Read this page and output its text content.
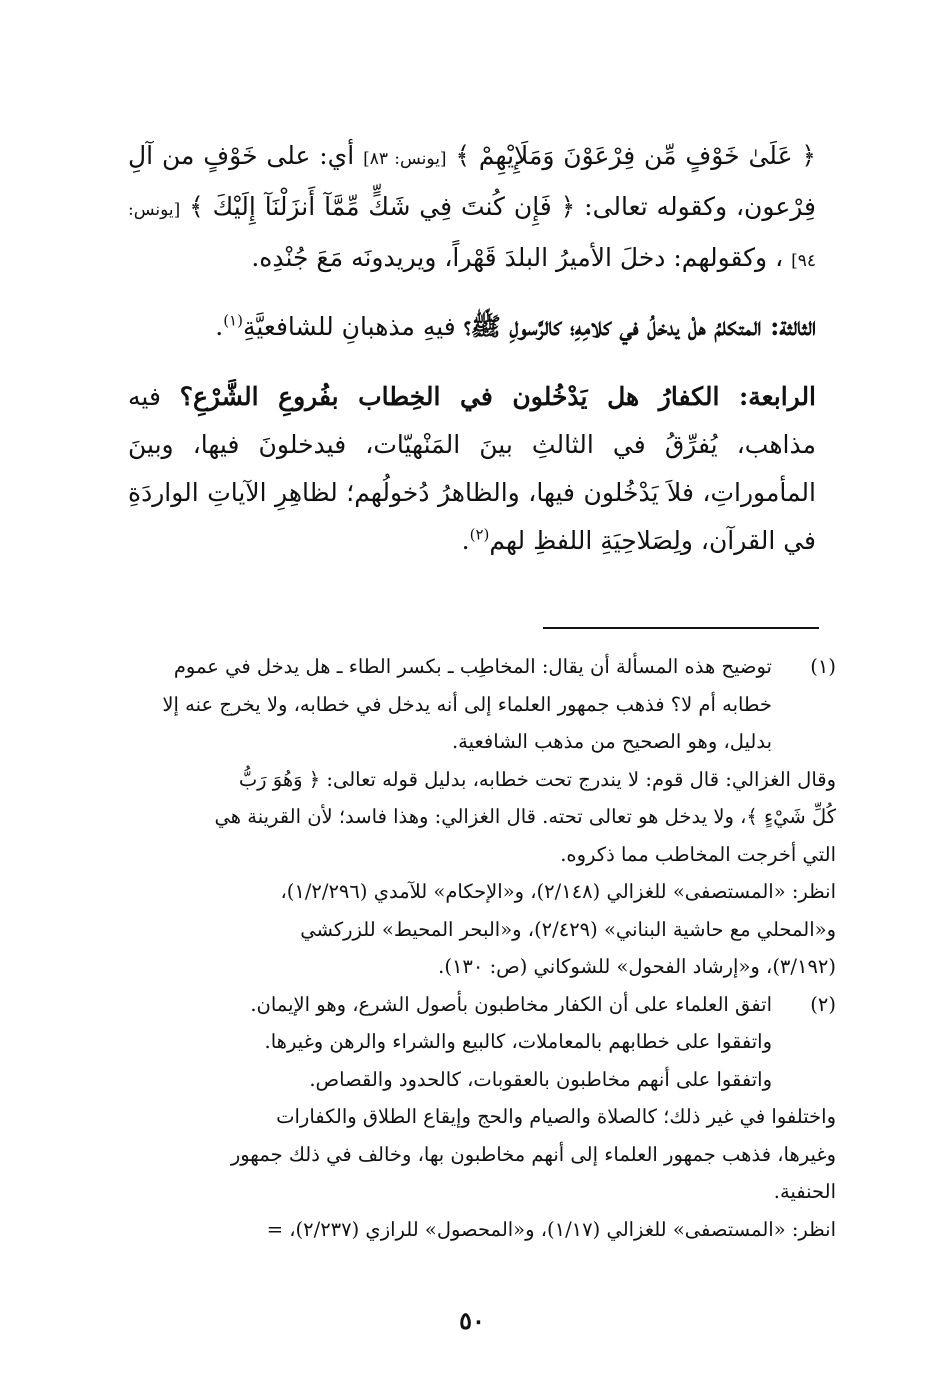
﴿ عَلَىٰ خَوْفٍ مِّن فِرْعَوْنَ وَمَلَإِيْهِمْ ﴾ [يونس: ٨٣] أي: على خَوْفٍ من آلِ فِرْعون، وكقوله تعالى: ﴿ فَإِن كُنتَ فِي شَكٍّ مِّمَّآ أَنزَلْنَآ إِلَيْكَ ﴾ [يونس: ٩٤] ، وكقولهم: دخلَ الأميرُ البلدَ قَهْراً، ويريدونَه مَعَ جُنْدِه.

الثالثة: المتكلمُ هلْ يدخلُ في كلامِهِ؛ كالرَّسولِ ﷺ؟ فيهِ مذهبانِ للشافعيَّةِ$^{(١)}$.

الرابعة: الكفارُ هل يَدْخُلون في الخِطاب بفُروعِ الشَّرْعِ؟ فيه مذاهب، يُفرِّقُ في الثالثِ بينَ المَنْهيّات، فيدخلونَ فيها، وبينَ المأموراتِ، فلاَ يَدْخُلون فيها، والظاهرُ دُخولُهم؛ لظاهِرِ الآياتِ الواردَةِ في القرآن، ولِصَلاحِيَةِ اللفظِ لهم$^{(٢)}$.

(١)
توضيح هذه المسألة أن يقال: المخاطِب ـ بكسر الطاء ـ هل يدخل في عموم
خطابه أم لا؟ فذهب جمهور العلماء إلى أنه يدخل في خطابه، ولا يخرج عنه إلا
بدليل، وهو الصحيح من مذهب الشافعية.
وقال الغزالي: قال قوم: لا يندرج تحت خطابه، بدليل قوله تعالى: ﴿ وَهُوَ رَبُّ
كُلِّ شَيْءٍ ﴾، ولا يدخل هو تعالى تحته. قال الغزالي: وهذا فاسد؛ لأن القرينة هي
التي أخرجت المخاطب مما ذكروه.
انظر: «المستصفى» للغزالي (٢/١٤٨)، و«الإحكام» للآمدي (١/٢/٢٩٦)،
و«المحلي مع حاشية البناني» (٢/٤٢٩)، و«البحر المحيط» للزركشي
(٣/١٩٢)، و«إرشاد الفحول» للشوكاني (ص: ١٣٠).
(٢)
اتفق العلماء على أن الكفار مخاطبون بأصول الشرع، وهو الإيمان.
واتفقوا على خطابهم بالمعاملات، كالبيع والشراء والرهن وغيرها.
واتفقوا على أنهم مخاطبون بالعقوبات، كالحدود والقصاص.
واختلفوا في غير ذلك؛ كالصلاة والصيام والحج وإيقاع الطلاق والكفارات
وغيرها، فذهب جمهور العلماء إلى أنهم مخاطبون بها، وخالف في ذلك جمهور
الحنفية.
انظر: «المستصفى» للغزالي (١/١٧)، و«المحصول» للرازي (٢/٢٣٧)، =
٥٠
